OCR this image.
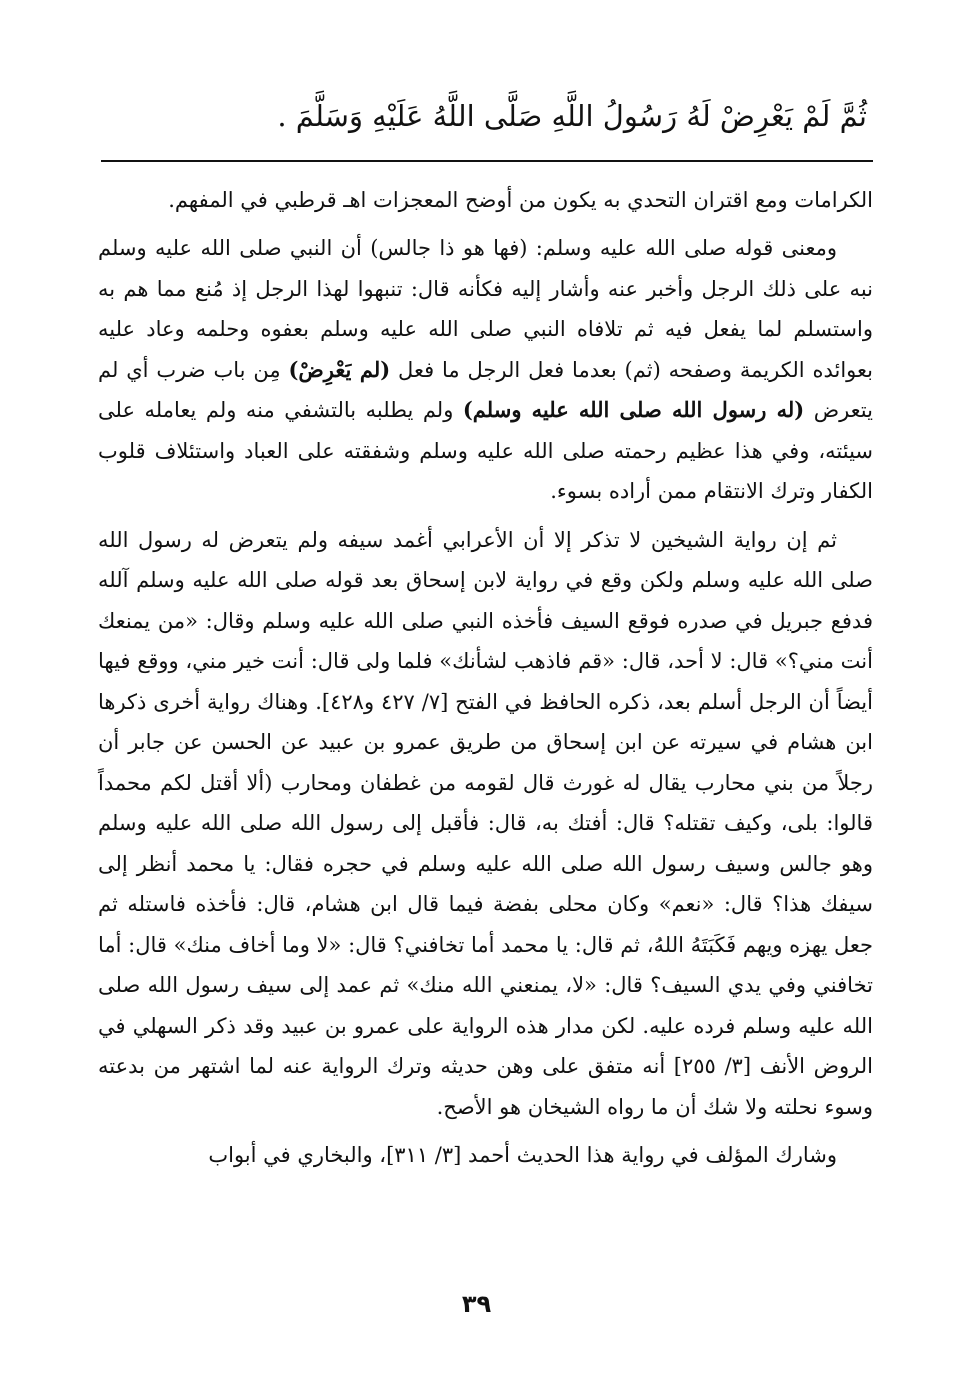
ثُمَّ لَمْ يَعْرِضْ لَهُ رَسُولُ اللَّهِ صَلَّى اللَّهُ عَلَيْهِ وَسَلَّمَ .

الكرامات ومع اقتران التحدي به يكون من أوضح المعجزات اهـ قرطبي في المفهم.

ومعنى قوله صلى الله عليه وسلم: (فها هو ذا جالس) أن النبي صلى الله عليه وسلم نبه على ذلك الرجل وأخبر عنه وأشار إليه فكأنه قال: تنبهوا لهذا الرجل إذ مُنع مما هم به واستسلم لما يفعل فيه ثم تلافاه النبي صلى الله عليه وسلم بعفوه وحلمه وعاد عليه بعوائده الكريمة وصفحه (ثم) بعدما فعل الرجل ما فعل (لم يَعْرِضْ) مِن باب ضرب أي لم يتعرض (له رسول الله صلى الله عليه وسلم) ولم يطلبه بالتشفي منه ولم يعامله على سيئته، وفي هذا عظيم رحمته صلى الله عليه وسلم وشفقته على العباد واستئلاف قلوب الكفار وترك الانتقام ممن أراده بسوء.

ثم إن رواية الشيخين لا تذكر إلا أن الأعرابي أغمد سيفه ولم يتعرض له رسول الله صلى الله عليه وسلم ولكن وقع في رواية لابن إسحاق بعد قوله صلى الله عليه وسلم آلله فدفع جبريل في صدره فوقع السيف فأخذه النبي صلى الله عليه وسلم وقال: «من يمنعك أنت مني؟» قال: لا أحد، قال: «قم فاذهب لشأنك» فلما ولى قال: أنت خير مني، ووقع فيها أيضاً أن الرجل أسلم بعد، ذكره الحافظ في الفتح [٧/ ٤٢٧ و٤٢٨]. وهناك رواية أخرى ذكرها ابن هشام في سيرته عن ابن إسحاق من طريق عمرو بن عبيد عن الحسن عن جابر أن رجلاً من بني محارب يقال له غورث قال لقومه من غطفان ومحارب (ألا أقتل لكم محمداً قالوا: بلى، وكيف تقتله؟ قال: أفتك به، قال: فأقبل إلى رسول الله صلى الله عليه وسلم وهو جالس وسيف رسول الله صلى الله عليه وسلم في حجره فقال: يا محمد أنظر إلى سيفك هذا؟ قال: «نعم» وكان محلى بفضة فيما قال ابن هشام، قال: فأخذه فاستله ثم جعل يهزه ويهم فَكَبَتَهُ اللهُ، ثم قال: يا محمد أما تخافني؟ قال: «لا وما أخاف منك» قال: أما تخافني وفي يدي السيف؟ قال: «لا، يمنعني الله منك» ثم عمد إلى سيف رسول الله صلى الله عليه وسلم فرده عليه. لكن مدار هذه الرواية على عمرو بن عبيد وقد ذكر السهلي في الروض الأنف [٣/ ٢٥٥] أنه متفق على وهن حديثه وترك الرواية عنه لما اشتهر من بدعته وسوء نحلته ولا شك أن ما رواه الشيخان هو الأصح.

وشارك المؤلف في رواية هذا الحديث أحمد [٣/ ٣١١]، والبخاري في أبواب

٣٩
